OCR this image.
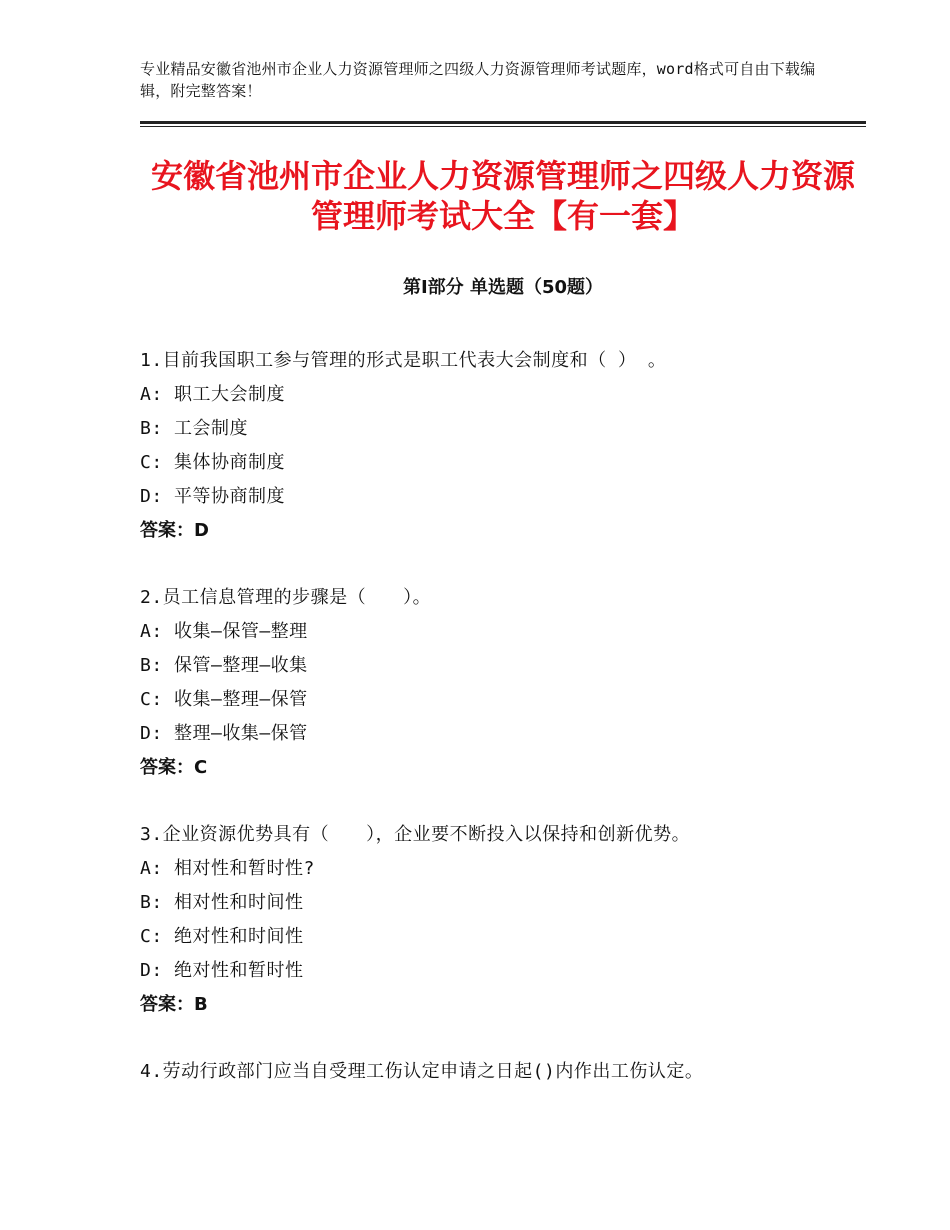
专业精品安徽省池州市企业人力资源管理师之四级人力资源管理师考试题库，word格式可自由下载编辑，附完整答案！
安徽省池州市企业人力资源管理师之四级人力资源管理师考试大全【有一套】
第Ⅰ部分 单选题（50题）
1.目前我国职工参与管理的形式是职工代表大会制度和（ ） 。
A: 职工大会制度
B: 工会制度
C: 集体协商制度
D: 平等协商制度
答案：D
2.员工信息管理的步骤是（　　）。
A: 收集—保管—整理
B: 保管—整理—收集
C: 收集—整理—保管
D: 整理—收集—保管
答案：C
3.企业资源优势具有（　　），企业要不断投入以保持和创新优势。
A: 相对性和暂时性?
B: 相对性和时间性
C: 绝对性和时间性
D: 绝对性和暂时性
答案：B
4.劳动行政部门应当自受理工伤认定申请之日起()内作出工伤认定。
